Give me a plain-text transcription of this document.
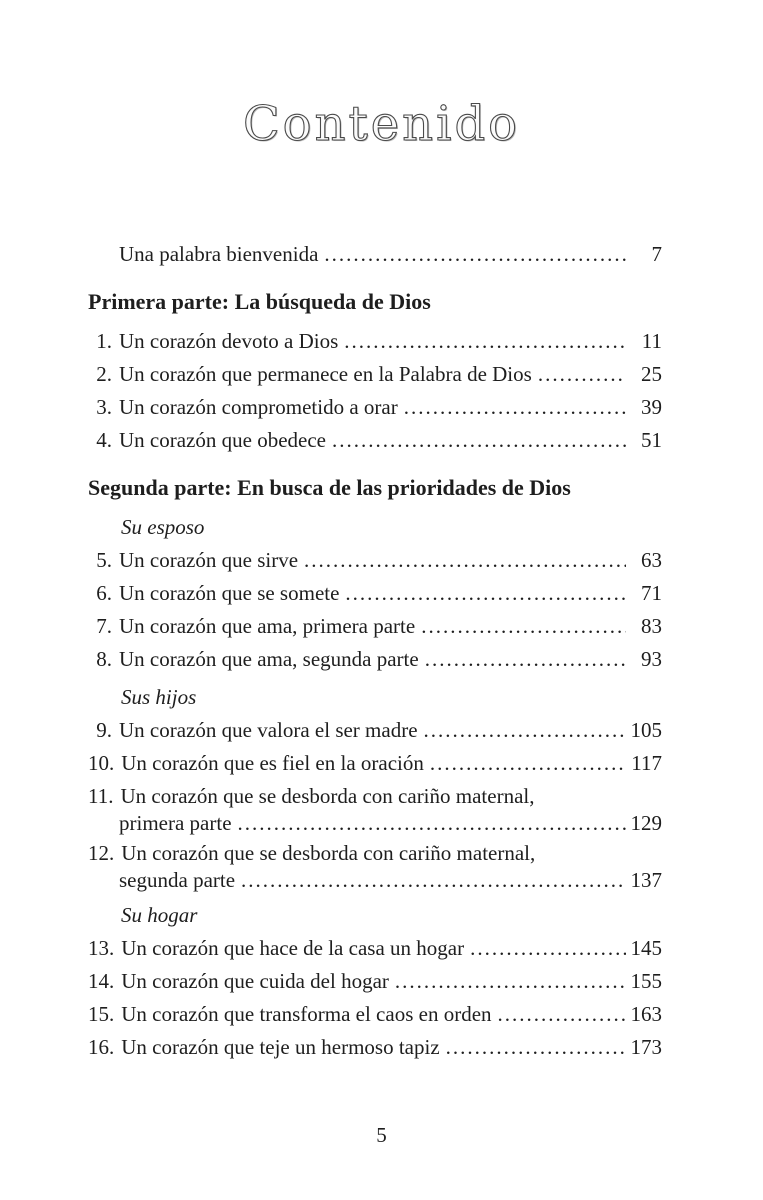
Contenido
Una palabra bienvenida .....	7
Primera parte: La búsqueda de Dios
1. Un corazón devoto a Dios .....	11
2. Un corazón que permanece en la Palabra de Dios .....	25
3. Un corazón comprometido a orar .....	39
4. Un corazón que obedece .....	51
Segunda parte: En busca de las prioridades de Dios
Su esposo
5. Un corazón que sirve .....	63
6. Un corazón que se somete .....	71
7. Un corazón que ama, primera parte .....	83
8. Un corazón que ama, segunda parte .....	93
Sus hijos
9. Un corazón que valora el ser madre .....	105
10. Un corazón que es fiel en la oración .....	117
11. Un corazón que se desborda con cariño maternal,
primera parte .....	129
12. Un corazón que se desborda con cariño maternal,
segunda parte .....	137
Su hogar
13. Un corazón que hace de la casa un hogar .....	145
14. Un corazón que cuida del hogar .....	155
15. Un corazón que transforma el caos en orden .....	163
16. Un corazón que teje un hermoso tapiz .....	173
5
